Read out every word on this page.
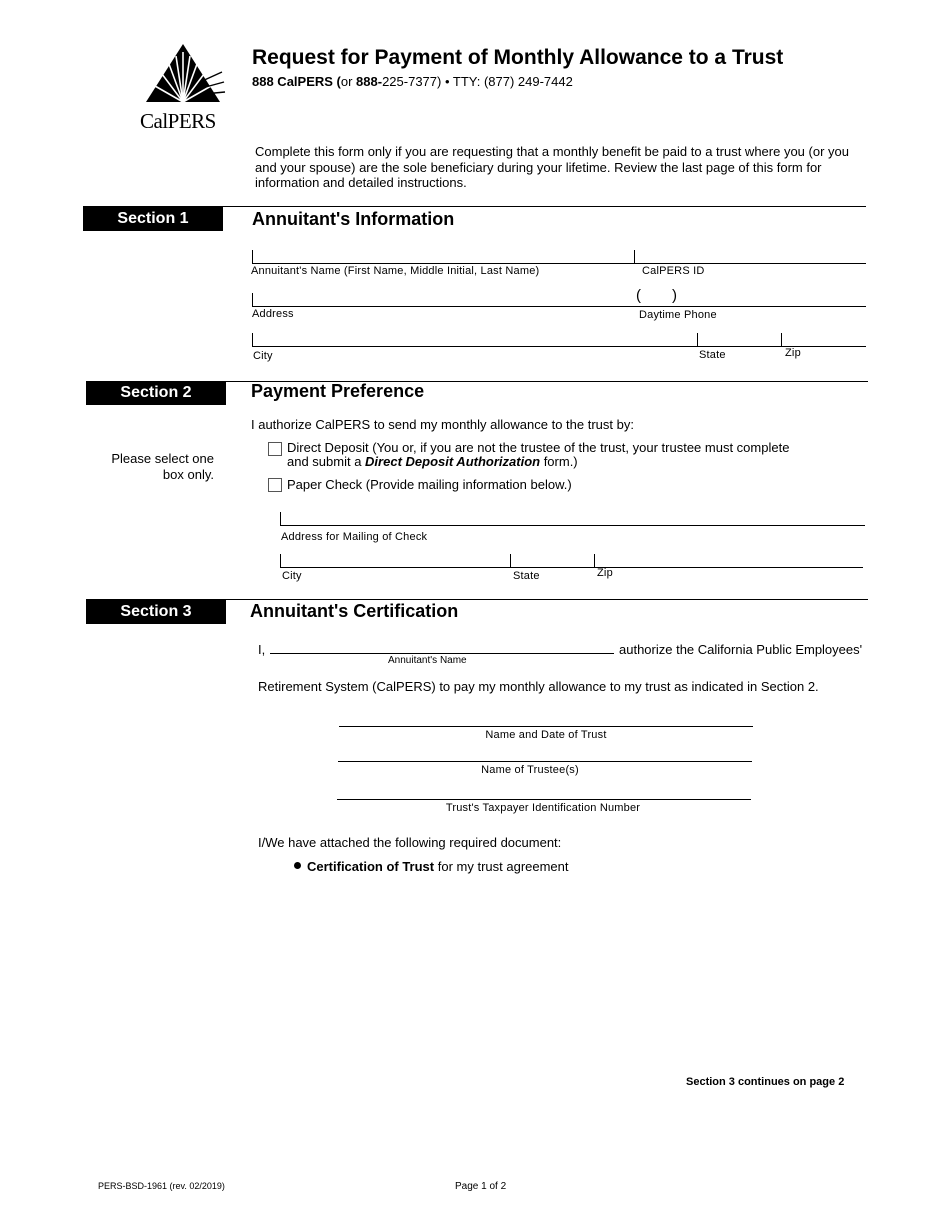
CalPERS
Request for Payment of Monthly Allowance to a Trust
888 CalPERS (or 888-225-7377) • TTY: (877) 249-7442
Complete this form only if you are requesting that a monthly benefit be paid to a trust where you (or you and your spouse) are the sole beneficiary during your lifetime. Review the last page of this form for information and detailed instructions.
Section 1	Annuitant's Information
Annuitant's Name (First Name, Middle Initial, Last Name)	CalPERS ID
( )
Address	Daytime Phone
City	State	Zip
Section 2	Payment Preference
Please select one box only.
I authorize CalPERS to send my monthly allowance to the trust by:
Direct Deposit (You or, if you are not the trustee of the trust, your trustee must complete
and submit a Direct Deposit Authorization form.)
Paper Check (Provide mailing information below.)
Address for Mailing of Check
City	State	Zip
Section 3	Annuitant's Certification
I,	authorize the California Public Employees'
Annuitant's Name
Retirement System (CalPERS) to pay my monthly allowance to my trust as indicated in Section 2.
Name and Date of Trust
Name of Trustee(s)
Trust's Taxpayer Identification Number
I/We have attached the following required document:
Certification of Trust for my trust agreement
Section 3 continues on page 2
PERS-BSD-1961 (rev. 02/2019)	Page 1 of 2
